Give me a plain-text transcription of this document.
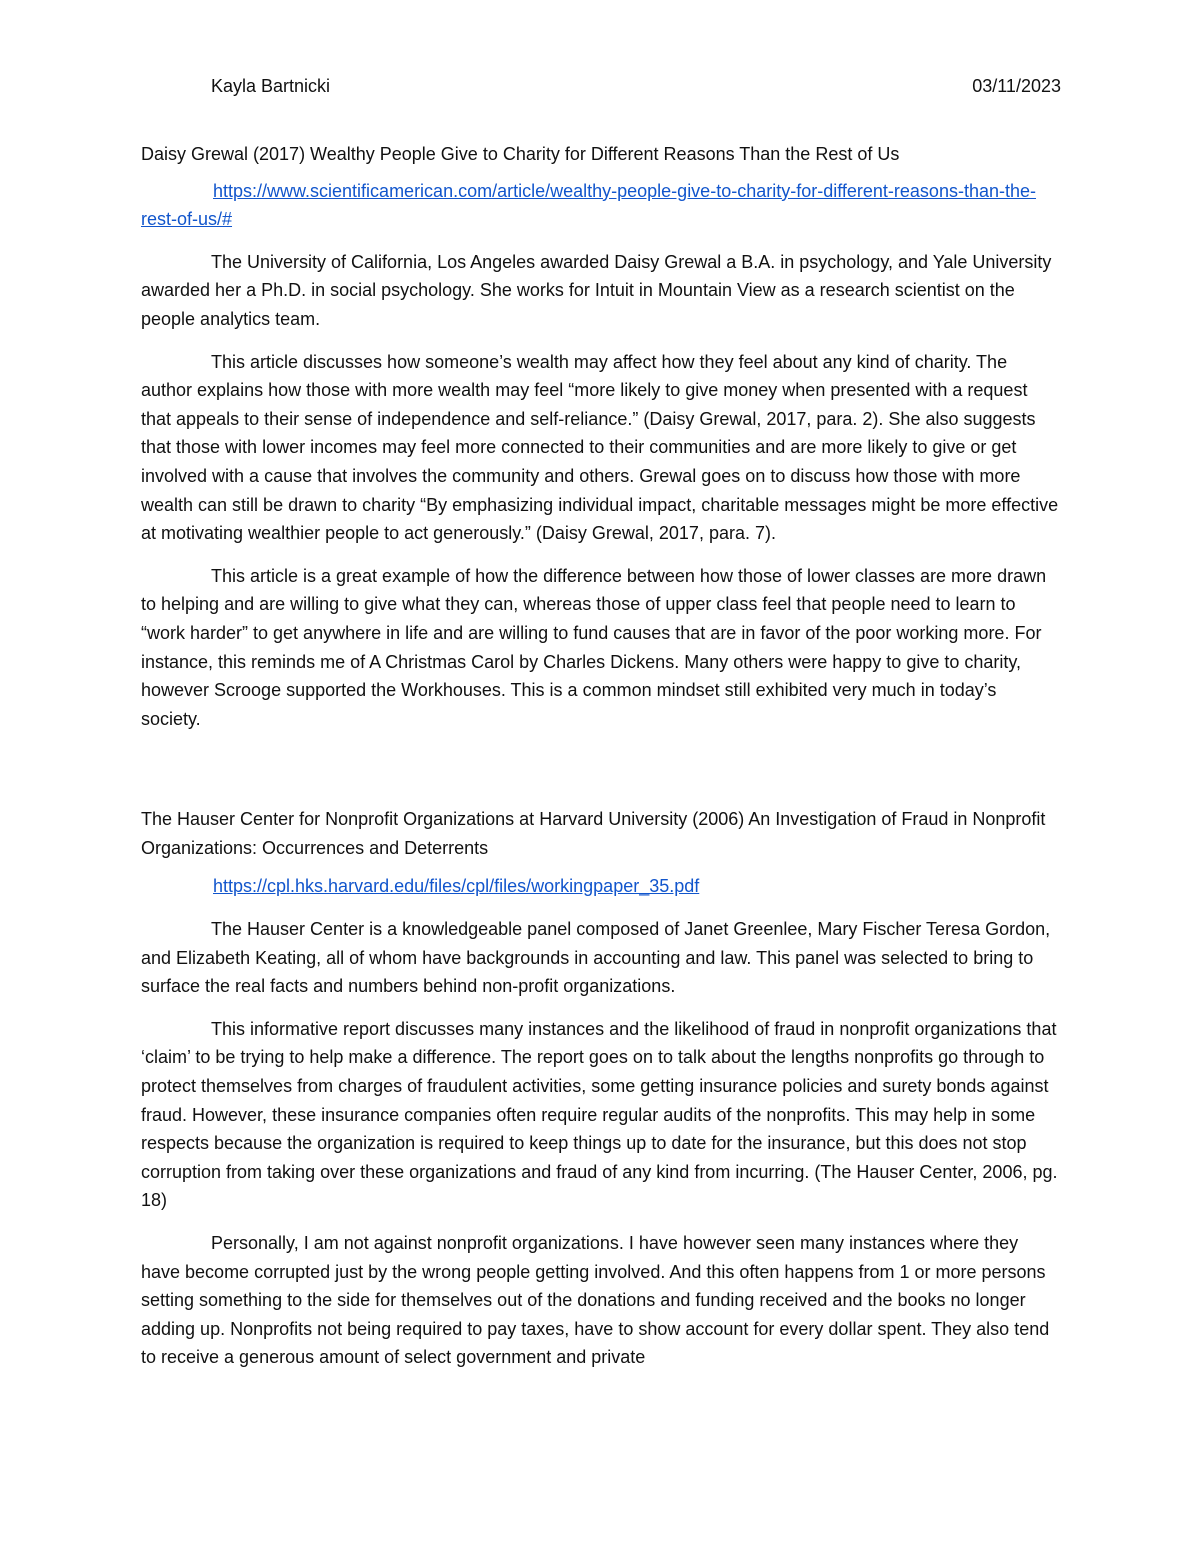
Kayla Bartnicki	03/11/2023

Daisy Grewal (2017) Wealthy People Give to Charity for Different Reasons Than the Rest of Us

https://www.scientificamerican.com/article/wealthy-people-give-to-charity-for-different-reasons-than-the-rest-of-us/#

The University of California, Los Angeles awarded Daisy Grewal a B.A. in psychology, and Yale University awarded her a Ph.D. in social psychology. She works for Intuit in Mountain View as a research scientist on the people analytics team.

This article discusses how someone’s wealth may affect how they feel about any kind of charity. The author explains how those with more wealth may feel “more likely to give money when presented with a request that appeals to their sense of independence and self-reliance.” (Daisy Grewal, 2017, para. 2). She also suggests that those with lower incomes may feel more connected to their communities and are more likely to give or get involved with a cause that involves the community and others. Grewal goes on to discuss how those with more wealth can still be drawn to charity “By emphasizing individual impact, charitable messages might be more effective at motivating wealthier people to act generously.” (Daisy Grewal, 2017, para. 7).

This article is a great example of how the difference between how those of lower classes are more drawn to helping and are willing to give what they can, whereas those of upper class feel that people need to learn to “work harder” to get anywhere in life and are willing to fund causes that are in favor of the poor working more. For instance, this reminds me of A Christmas Carol by Charles Dickens. Many others were happy to give to charity, however Scrooge supported the Workhouses. This is a common mindset still exhibited very much in today’s society.

The Hauser Center for Nonprofit Organizations at Harvard University (2006) An Investigation of Fraud in Nonprofit Organizations: Occurrences and Deterrents

https://cpl.hks.harvard.edu/files/cpl/files/workingpaper_35.pdf

The Hauser Center is a knowledgeable panel composed of Janet Greenlee, Mary Fischer Teresa Gordon, and Elizabeth Keating, all of whom have backgrounds in accounting and law. This panel was selected to bring to surface the real facts and numbers behind non-profit organizations.

This informative report discusses many instances and the likelihood of fraud in nonprofit organizations that ‘claim’ to be trying to help make a difference. The report goes on to talk about the lengths nonprofits go through to protect themselves from charges of fraudulent activities, some getting insurance policies and surety bonds against fraud. However, these insurance companies often require regular audits of the nonprofits. This may help in some respects because the organization is required to keep things up to date for the insurance, but this does not stop corruption from taking over these organizations and fraud of any kind from incurring. (The Hauser Center, 2006, pg. 18)

Personally, I am not against nonprofit organizations. I have however seen many instances where they have become corrupted just by the wrong people getting involved. And this often happens from 1 or more persons setting something to the side for themselves out of the donations and funding received and the books no longer adding up. Nonprofits not being required to pay taxes, have to show account for every dollar spent. They also tend to receive a generous amount of select government and private
